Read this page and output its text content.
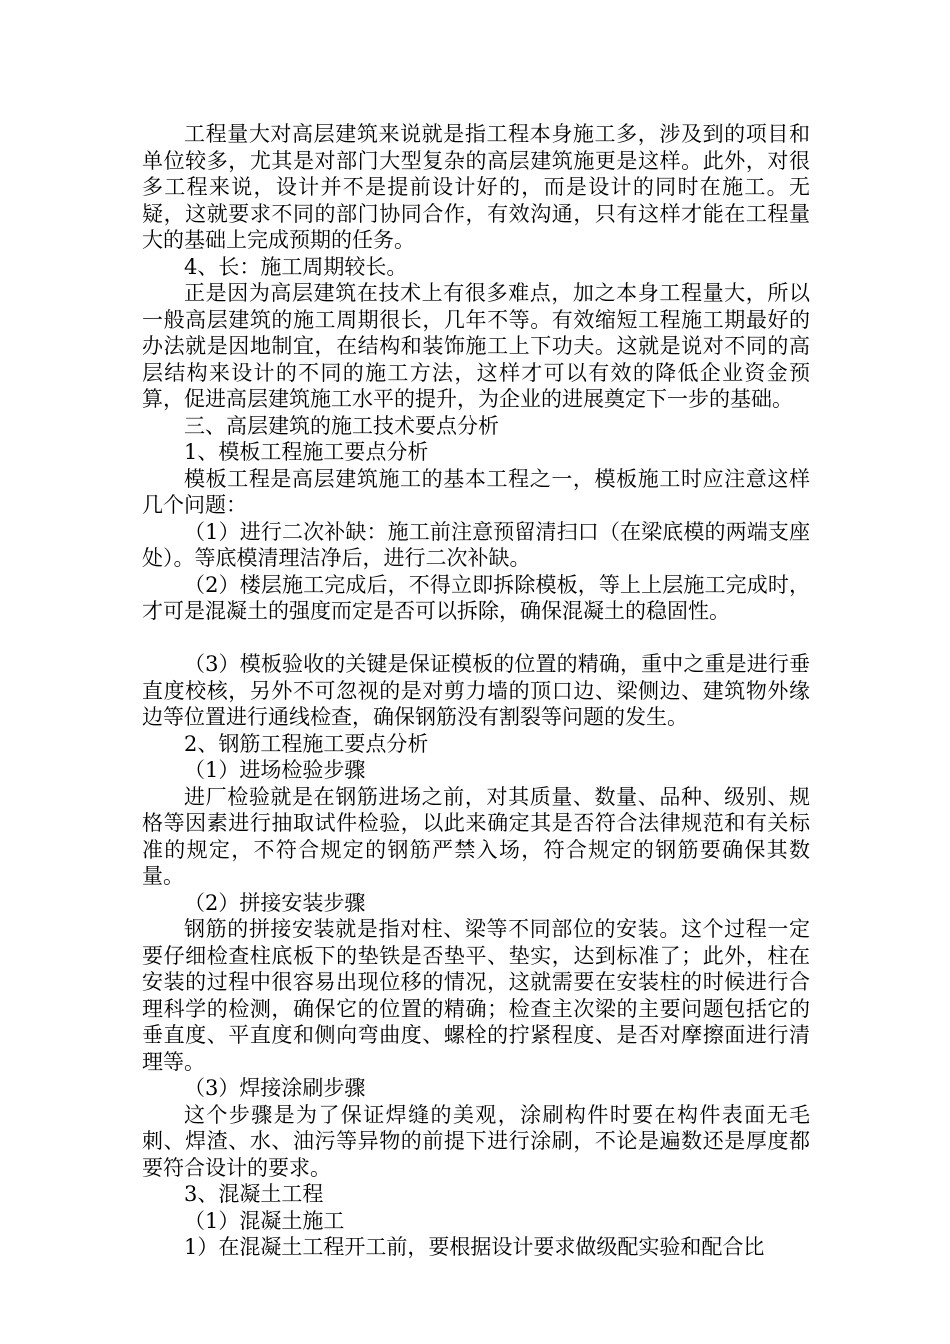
工程量大对高层建筑来说就是指工程本身施工多，涉及到的项目和单位较多，尤其是对部门大型复杂的高层建筑施更是这样。此外，对很多工程来说，设计并不是提前设计好的，而是设计的同时在施工。无疑，这就要求不同的部门协同合作，有效沟通，只有这样才能在工程量大的基础上完成预期的任务。

4、长：施工周期较长。

正是因为高层建筑在技术上有很多难点，加之本身工程量大，所以一般高层建筑的施工周期很长，几年不等。有效缩短工程施工期最好的办法就是因地制宜，在结构和装饰施工上下功夫。这就是说对不同的高层结构来设计的不同的施工方法，这样才可以有效的降低企业资金预算，促进高层建筑施工水平的提升，为企业的进展奠定下一步的基础。

三、高层建筑的施工技术要点分析

1、模板工程施工要点分析

模板工程是高层建筑施工的基本工程之一，模板施工时应注意这样几个问题：

（1）进行二次补缺：施工前注意预留清扫口（在梁底模的两端支座处）。等底模清理洁净后，进行二次补缺。

（2）楼层施工完成后，不得立即拆除模板，等上上层施工完成时，才可是混凝土的强度而定是否可以拆除，确保混凝土的稳固性。

（3）模板验收的关键是保证模板的位置的精确，重中之重是进行垂直度校核，另外不可忽视的是对剪力墙的顶口边、梁侧边、建筑物外缘边等位置进行通线检查，确保钢筋没有割裂等问题的发生。

2、钢筋工程施工要点分析

（1）进场检验步骤

进厂检验就是在钢筋进场之前，对其质量、数量、品种、级别、规格等因素进行抽取试件检验，以此来确定其是否符合法律规范和有关标准的规定，不符合规定的钢筋严禁入场，符合规定的钢筋要确保其数量。

（2）拼接安装步骤

钢筋的拼接安装就是指对柱、梁等不同部位的安装。这个过程一定要仔细检查柱底板下的垫铁是否垫平、垫实，达到标准了；此外，柱在安装的过程中很容易出现位移的情况，这就需要在安装柱的时候进行合理科学的检测，确保它的位置的精确；检查主次梁的主要问题包括它的垂直度、平直度和侧向弯曲度、螺栓的拧紧程度、是否对摩擦面进行清理等。

（3）焊接涂刷步骤

这个步骤是为了保证焊缝的美观，涂刷构件时要在构件表面无毛刺、焊渣、水、油污等异物的前提下进行涂刷，不论是遍数还是厚度都要符合设计的要求。

3、混凝土工程

（1）混凝土施工

1）在混凝土工程开工前，要根据设计要求做级配实验和配合比
